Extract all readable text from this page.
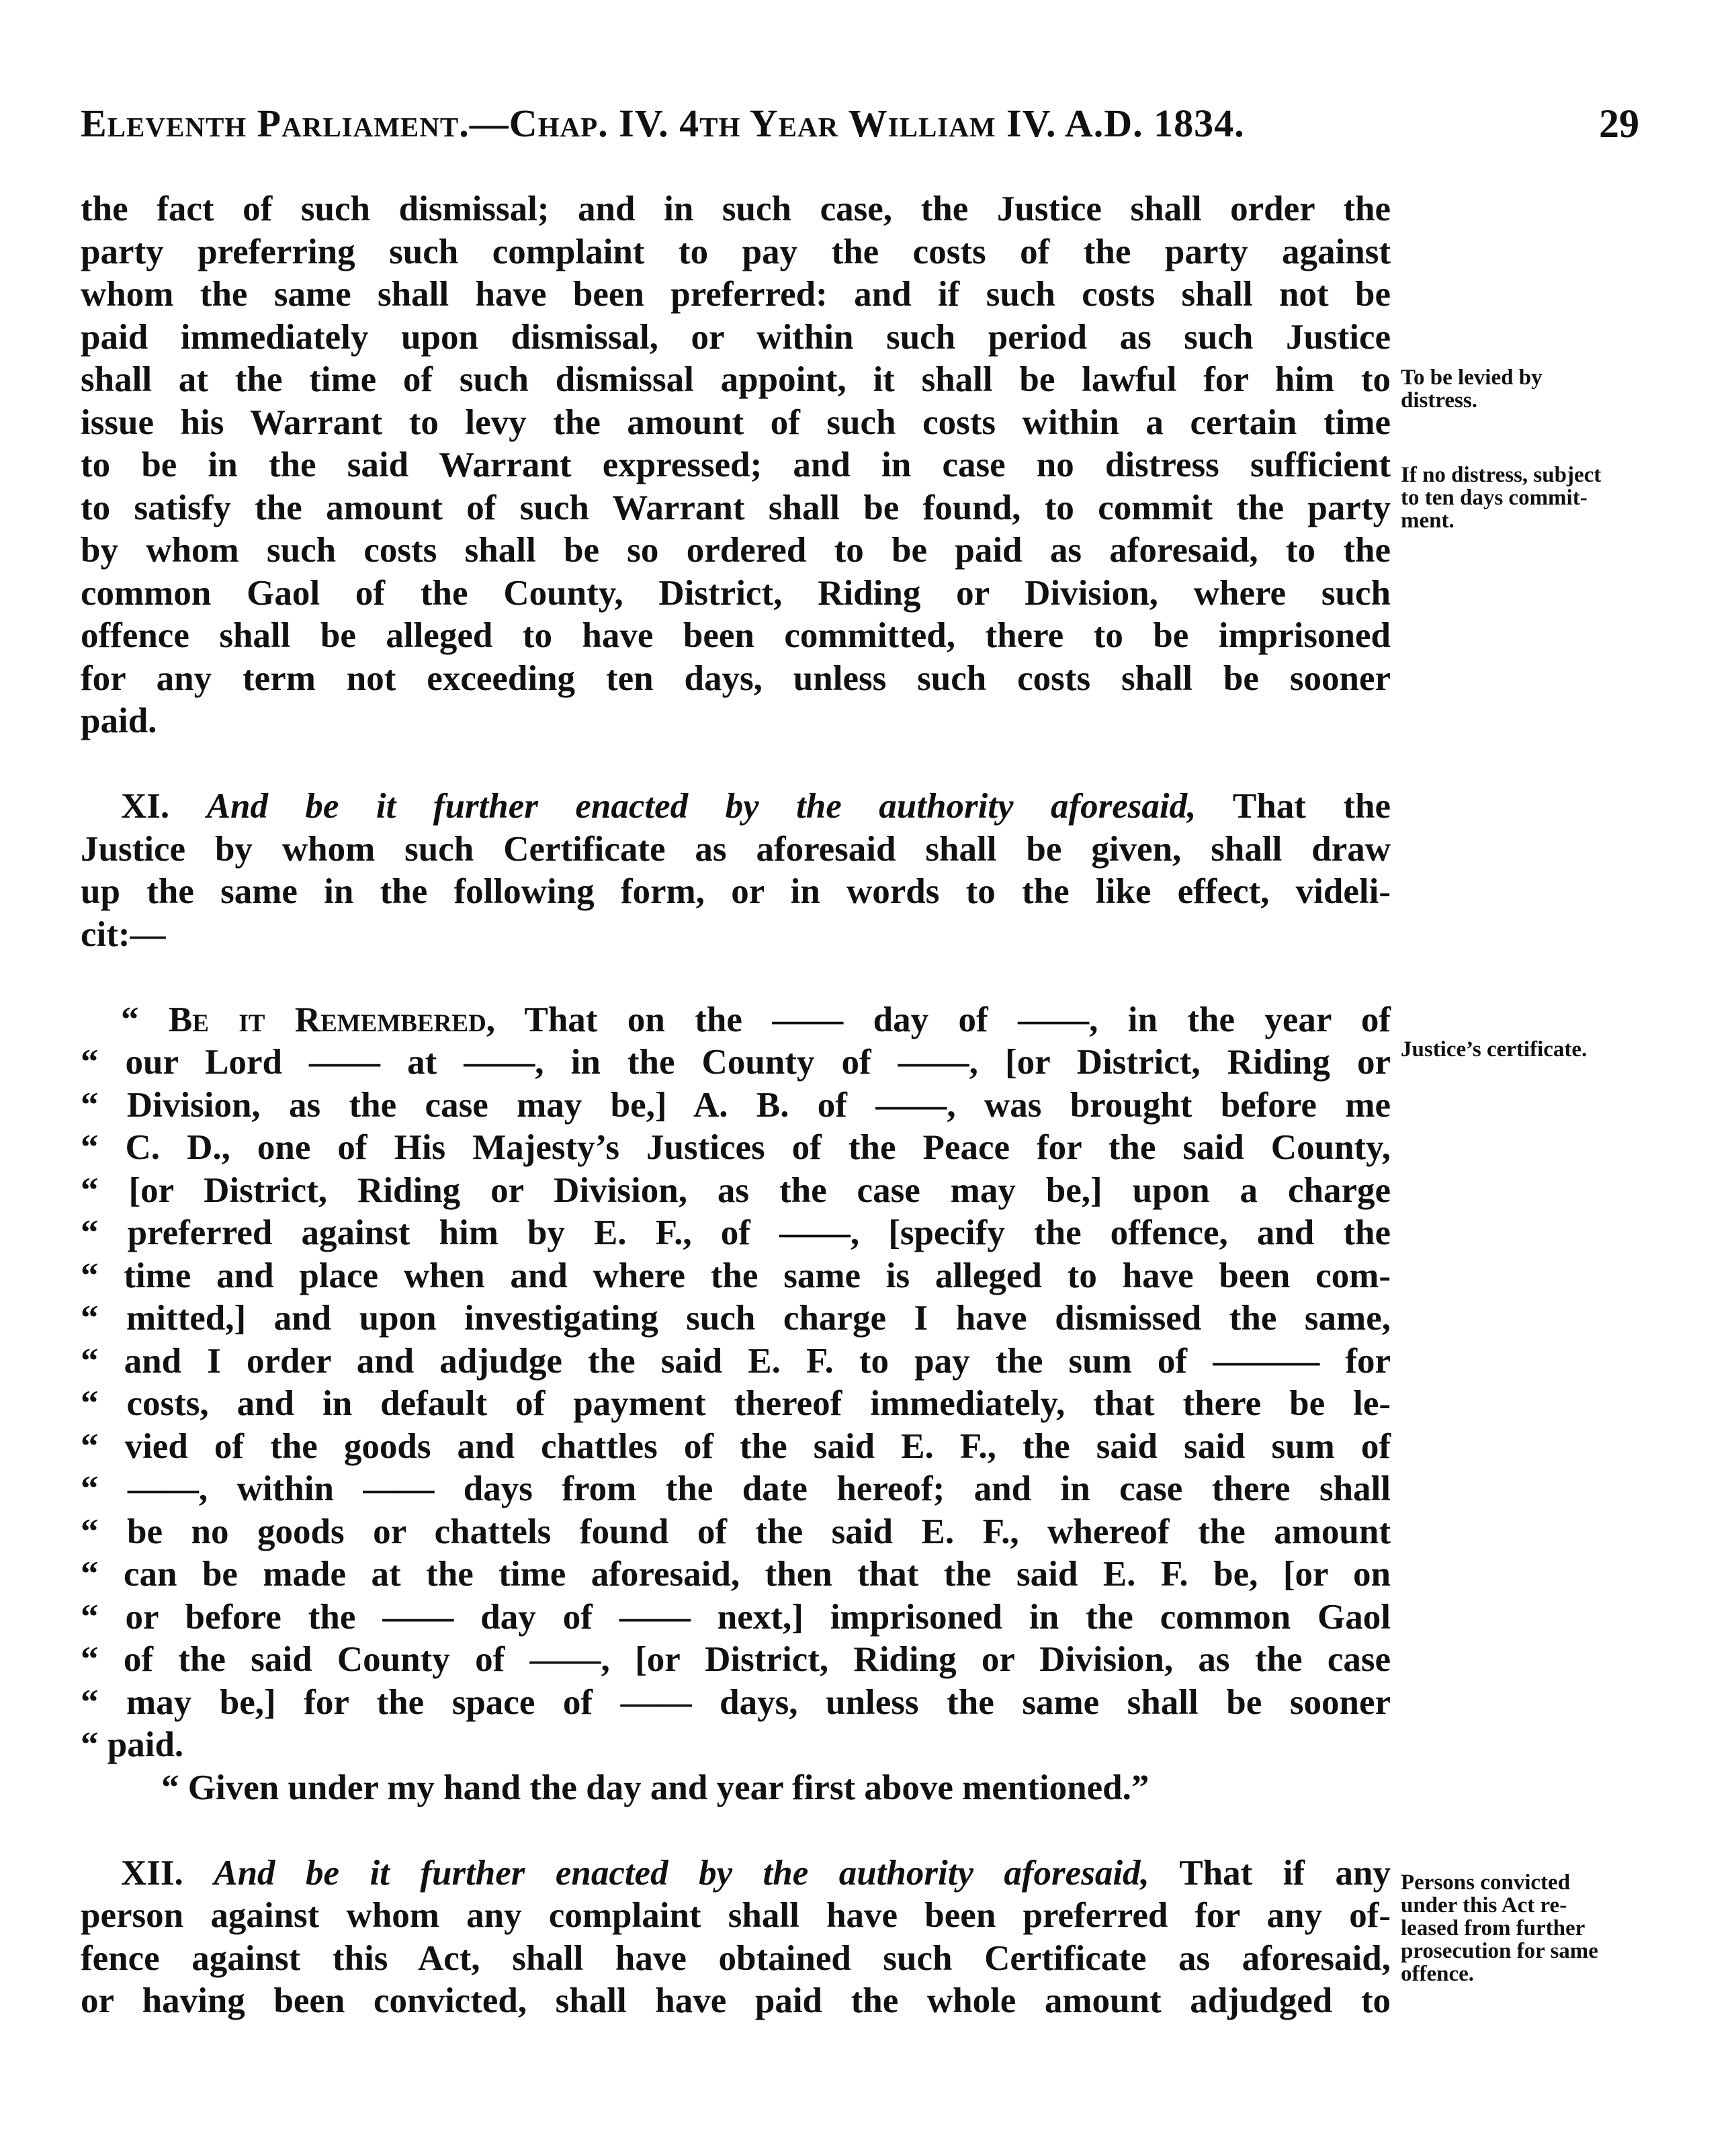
Eleventh Parliament.—Chap. IV. 4th Year William IV. A.D. 1834.	29
the fact of such dismissal; and in such case, the Justice shall order the
party preferring such complaint to pay the costs of the party against
whom the same shall have been preferred: and if such costs shall not be
paid immediately upon dismissal, or within such period as such Justice
shall at the time of such dismissal appoint, it shall be lawful for him to
issue his Warrant to levy the amount of such costs within a certain time
to be in the said Warrant expressed; and in case no distress sufficient
to satisfy the amount of such Warrant shall be found, to commit the party
by whom such costs shall be so ordered to be paid as aforesaid, to the
common Gaol of the County, District, Riding or Division, where such
offence shall be alleged to have been committed, there to be imprisoned
for any term not exceeding ten days, unless such costs shall be sooner
paid.
XI. And be it further enacted by the authority aforesaid, That the
Justice by whom such Certificate as aforesaid shall be given, shall draw
up the same in the following form, or in words to the like effect, videli-
cit:—
“ Be it Remembered, That on the —— day of ——, in the year of
“ our Lord —— at ——, in the County of ——, [or District, Riding or
“ Division, as the case may be,] A. B. of ——, was brought before me
“ C. D., one of His Majesty’s Justices of the Peace for the said County,
“ [or District, Riding or Division, as the case may be,] upon a charge
“ preferred against him by E. F., of ——, [specify the offence, and the
“ time and place when and where the same is alleged to have been com-
“ mitted,] and upon investigating such charge I have dismissed the same,
“ and I order and adjudge the said E. F. to pay the sum of ——— for
“ costs, and in default of payment thereof immediately, that there be le-
“ vied of the goods and chattles of the said E. F., the said said sum of
“ ——, within —— days from the date hereof; and in case there shall
“ be no goods or chattels found of the said E. F., whereof the amount
“ can be made at the time aforesaid, then that the said E. F. be, [or on
“ or before the —— day of —— next,] imprisoned in the common Gaol
“ of the said County of ——, [or District, Riding or Division, as the case
“ may be,] for the space of —— days, unless the same shall be sooner
“ paid.
“ Given under my hand the day and year first above mentioned.”
XII. And be it further enacted by the authority aforesaid, That if any
person against whom any complaint shall have been preferred for any of-
fence against this Act, shall have obtained such Certificate as aforesaid,
or having been convicted, shall have paid the whole amount adjudged to
To be levied by
distress.
If no distress, subject
to ten days commit-
ment.
Justice’s certificate.
Persons convicted
under this Act re-
leased from further
prosecution for same
offence.
